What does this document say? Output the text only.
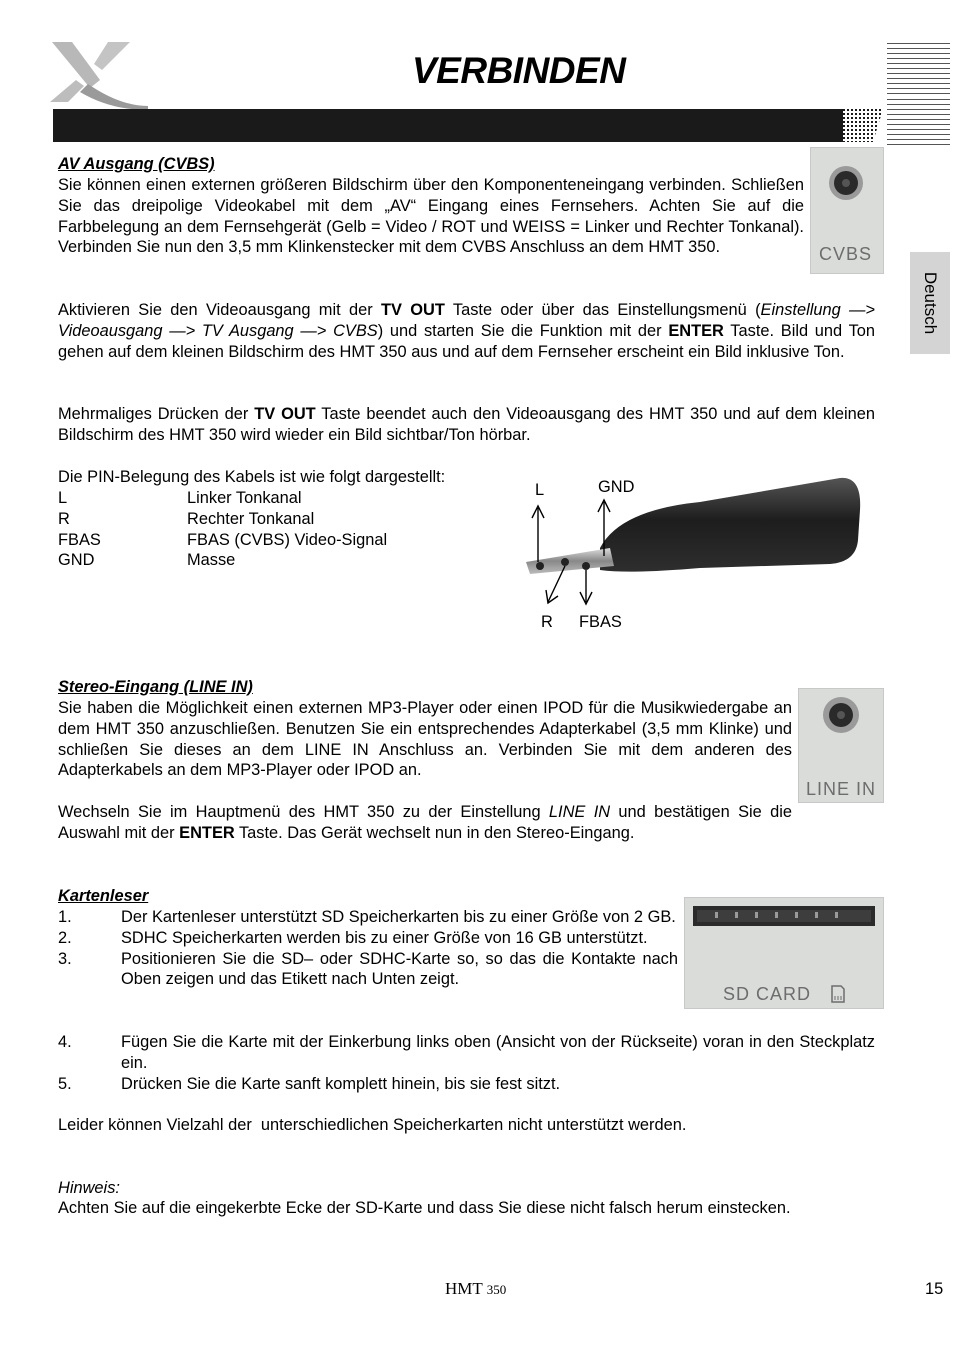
VERBINDEN
Deutsch
AV Ausgang (CVBS)
Sie können einen externen größeren Bildschirm über den Komponenteneingang verbinden. Schließen Sie das dreipolige Videokabel mit dem „AV“ Eingang eines Fernsehers. Achten Sie auf die Farbbelegung an dem Fernsehgerät (Gelb = Video / ROT und WEISS = Linker und Rechter Tonkanal). Verbinden Sie nun den 3,5 mm Klinkenstecker mit dem CVBS Anschluss an dem HMT 350.	CVBS
Aktivieren Sie den Videoausgang mit der TV OUT Taste oder über das Einstellungsmenü (Einstellung —> Videoausgang —> TV Ausgang —> CVBS) und starten Sie die Funktion mit der ENTER Taste. Bild und Ton gehen auf dem kleinen Bildschirm des HMT 350 aus und auf dem Fernseher erscheint ein Bild inklusive Ton.
Mehrmaliges Drücken der TV OUT Taste beendet auch den Videoausgang des HMT 350 und auf dem kleinen Bildschirm des HMT 350 wird wieder ein Bild sichtbar/Ton hörbar.
Die PIN-Belegung des Kabels ist wie folgt dargestellt:
L	Linker Tonkanal
R	Rechter Tonkanal
FBAS	FBAS (CVBS) Video-Signal
GND	Masse
L	GND
R FBAS
Stereo-Eingang (LINE IN)
Sie haben die Möglichkeit einen externen MP3-Player oder einen IPOD für die Musikwiedergabe an dem HMT 350 anzuschließen. Benutzen Sie ein entsprechendes Adapterkabel (3,5 mm Klinke) und schließen Sie dieses an dem LINE IN Anschluss an. Verbinden Sie mit dem anderen des Adapterkabels an dem MP3-Player oder IPOD an.
LINE IN
Wechseln Sie im Hauptmenü des HMT 350 zu der Einstellung LINE IN und bestätigen Sie die Auswahl mit der ENTER Taste. Das Gerät wechselt nun in den Stereo-Eingang.
Kartenleser
SD CARD
1.	Der Kartenleser unterstützt SD Speicherkarten bis zu einer Größe von 2 GB.
2.	SDHC Speicherkarten werden bis zu einer Größe von 16 GB unterstützt.
3.	Positionieren Sie die SD– oder SDHC-Karte so, so das die Kontakte nach Oben zeigen und das Etikett nach Unten zeigt.
4.	Fügen Sie die Karte mit der Einkerbung links oben (Ansicht von der Rückseite) voran in den Steckplatz ein.
5.	Drücken Sie die Karte sanft komplett hinein, bis sie fest sitzt.
Leider können Vielzahl der  unterschiedlichen Speicherkarten nicht unterstützt werden.
Hinweis:
Achten Sie auf die eingekerbte Ecke der SD-Karte und dass Sie diese nicht falsch herum einstecken.
HMT 350	15
